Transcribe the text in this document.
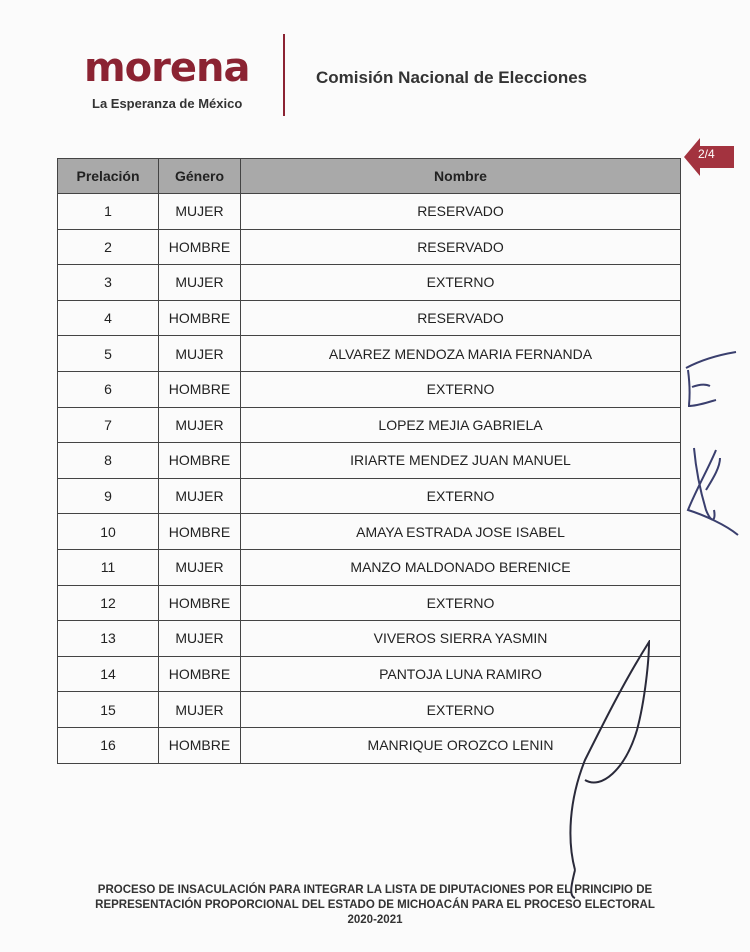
morena
La Esperanza de México
Comisión Nacional de Elecciones
2/4
Prelación	Género	Nombre
1	MUJER	RESERVADO
2	HOMBRE	RESERVADO
3	MUJER	EXTERNO
4	HOMBRE	RESERVADO
5	MUJER	ALVAREZ MENDOZA MARIA FERNANDA
6	HOMBRE	EXTERNO
7	MUJER	LOPEZ MEJIA GABRIELA
8	HOMBRE	IRIARTE MENDEZ JUAN MANUEL
9	MUJER	EXTERNO
10	HOMBRE	AMAYA ESTRADA JOSE ISABEL
11	MUJER	MANZO MALDONADO BERENICE
12	HOMBRE	EXTERNO
13	MUJER	VIVEROS SIERRA YASMIN
14	HOMBRE	PANTOJA LUNA RAMIRO
15	MUJER	EXTERNO
16	HOMBRE	MANRIQUE OROZCO LENIN
PROCESO DE INSACULACIÓN PARA INTEGRAR LA LISTA DE DIPUTACIONES POR EL PRINCIPIO DE
REPRESENTACIÓN PROPORCIONAL DEL ESTADO DE MICHOACÁN PARA EL PROCESO ELECTORAL
2020-2021
